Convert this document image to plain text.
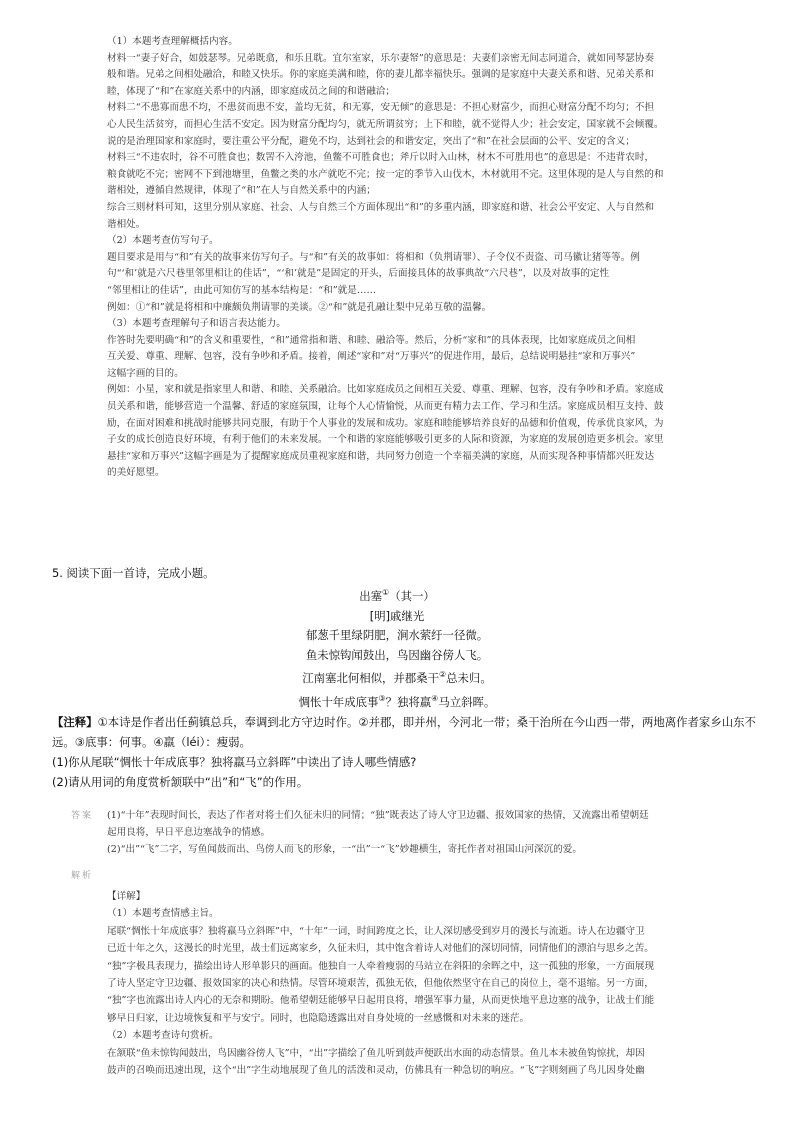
（1）本题考查理解概括内容。

材料一“妻子好合，如鼓瑟琴。兄弟既翕，和乐且耽。宜尔室家，乐尔妻帑”的意思是：夫妻们亲密无间志同道合，就如同琴瑟协奏

般和谐。兄弟之间相处融洽，和睦又快乐。你的家庭美满和睦，你的妻儿都幸福快乐。强调的是家庭中夫妻关系和谐、兄弟关系和

睦，体现了“和”在家庭关系中的内涵，即家庭成员之间的和谐融洽；

材料二“不患寡而患不均，不患贫而患不安，盖均无贫，和无寡，安无倾”的意思是：不担心财富少，而担心财富分配不均匀；不担

心人民生活贫穷，而担心生活不安定。因为财富分配均匀，就无所谓贫穷；上下和睦，就不觉得人少；社会安定，国家就不会倾覆。

说的是治理国家和家庭时，要注重公平分配，避免不均，达到社会的和谐安定，突出了“和”在社会层面的公平、安定的含义；

材料三“不违农时，谷不可胜食也；数罟不入洿池，鱼鳖不可胜食也；斧斤以时入山林，材木不可胜用也”的意思是：不违背农时，

粮食就吃不完；密网不下到池塘里，鱼鳖之类的水产就吃不完；按一定的季节入山伐木，木材就用不完。这里体现的是人与自然的和

谐相处，遵循自然规律，体现了“和”在人与自然关系中的内涵；

综合三则材料可知，这里分别从家庭、社会、人与自然三个方面体现出“和”的多重内涵，即家庭和谐、社会公平安定、人与自然和

谐相处。

（2）本题考查仿写句子。

题目要求是用与“和”有关的故事来仿写句子。与“和”有关的故事如：将相和（负荆请罪）、子令仪不责盗、司马徽让猪等等。例

句“‘和’就是六尺巷里邻里相让的佳话”，“‘和’就是”是固定的开头，后面接具体的故事典故“六尺巷”，以及对故事的定性

“邻里相让的佳话”，由此可知仿写的基本结构是：“和”就是……

例如：①“和”就是将相和中廉颇负荆请罪的美谈。②“和”就是孔融让梨中兄弟互敬的温馨。

（3）本题考查理解句子和语言表达能力。

作答时先要明确“和”的含义和重要性，“和”通常指和谐、和睦、融洽等。然后，分析“家和”的具体表现，比如家庭成员之间相

互关爱、尊重、理解、包容，没有争吵和矛盾。接着，阐述“家和”对“万事兴”的促进作用，最后，总结说明悬挂“家和万事兴”

这幅字画的目的。

例如：小星，家和就是指家里人和谐、和睦、关系融洽。比如家庭成员之间相互关爱、尊重、理解、包容，没有争吵和矛盾。家庭成

员关系和谐，能够营造一个温馨、舒适的家庭氛围，让每个人心情愉悦，从而更有精力去工作、学习和生活。家庭成员相互支持、鼓

励，在面对困难和挑战时能够共同克服，有助于个人事业的发展和成功。家庭和睦能够培养良好的品德和价值观，传承优良家风，为

子女的成长创造良好环境，有利于他们的未来发展。一个和谐的家庭能够吸引更多的人际和资源，为家庭的发展创造更多机会。家里

悬挂“家和万事兴”这幅字画是为了提醒家庭成员重视家庭和谐，共同努力创造一个幸福美满的家庭，从而实现各种事情都兴旺发达

的美好愿望。

5. 阅读下面一首诗，完成小题。
出塞①（其一）
[明]戚继光
郁葱千里绿阴肥，涧水萦纡一径微。
鱼未惊钩闻鼓出，鸟因幽谷傍人飞。
江南塞北何相似，并郡桑干②总未归。
惆怅十年成底事③？独将羸④马立斜晖。
【注释】①本诗是作者出任蓟镇总兵，奉调到北方守边时作。②并郡，即并州，今河北一带；桑干治所在今山西一带，两地离作者家乡山东不
远。③底事：何事。④羸（léi）：瘦弱。
(1)你从尾联“惆怅十年成底事？独将羸马立斜晖”中读出了诗人哪些情感?
(2)请从用词的角度赏析颔联中“出”和“飞”的作用。
答案 (1)“十年”表现时间长，表达了作者对将士们久征未归的同情；“独”既表达了诗人守卫边疆、报效国家的热情，又流露出希望朝廷

起用良将，早日平息边塞战争的情感。

(2)“出”“飞”二字，写鱼闻鼓而出、鸟傍人而飞的形象，一“出”一“飞”妙趣横生，寄托作者对祖国山河深沉的爱。

解析

【详解】

（1）本题考查情感主旨。

尾联“惆怅十年成底事？独将羸马立斜晖”中，“十年”一词，时间跨度之长，让人深切感受到岁月的漫长与流逝。诗人在边疆守卫

已近十年之久，这漫长的时光里，战士们远离家乡，久征未归，其中饱含着诗人对他们的深切同情，同情他们的漂泊与思乡之苦。

“独”字极具表现力，描绘出诗人形单影只的画面。他独自一人牵着瘦弱的马站立在斜阳的余晖之中，这一孤独的形象，一方面展现

了诗人坚定守卫边疆、报效国家的决心和热情。尽管环境艰苦，孤独无依，但他依然坚守在自己的岗位上，毫不退缩。另一方面，

“独”字也流露出诗人内心的无奈和期盼。他希望朝廷能够早日起用良将，增强军事力量，从而更快地平息边塞的战争，让战士们能

够早日归家，让边境恢复和平与安宁。同时，也隐隐透露出对自身处境的一丝感慨和对未来的迷茫。

（2）本题考查诗句赏析。

在颔联“鱼未惊钩闻鼓出，鸟因幽谷傍人飞”中，“出”字描绘了鱼儿听到鼓声便跃出水面的动态情景。鱼儿本未被鱼钩惊扰，却因

鼓声的召唤而迅速出现，这个“出”字生动地展现了鱼儿的活泼和灵动，仿佛具有一种急切的响应。“飞”字则刻画了鸟儿因身处幽
